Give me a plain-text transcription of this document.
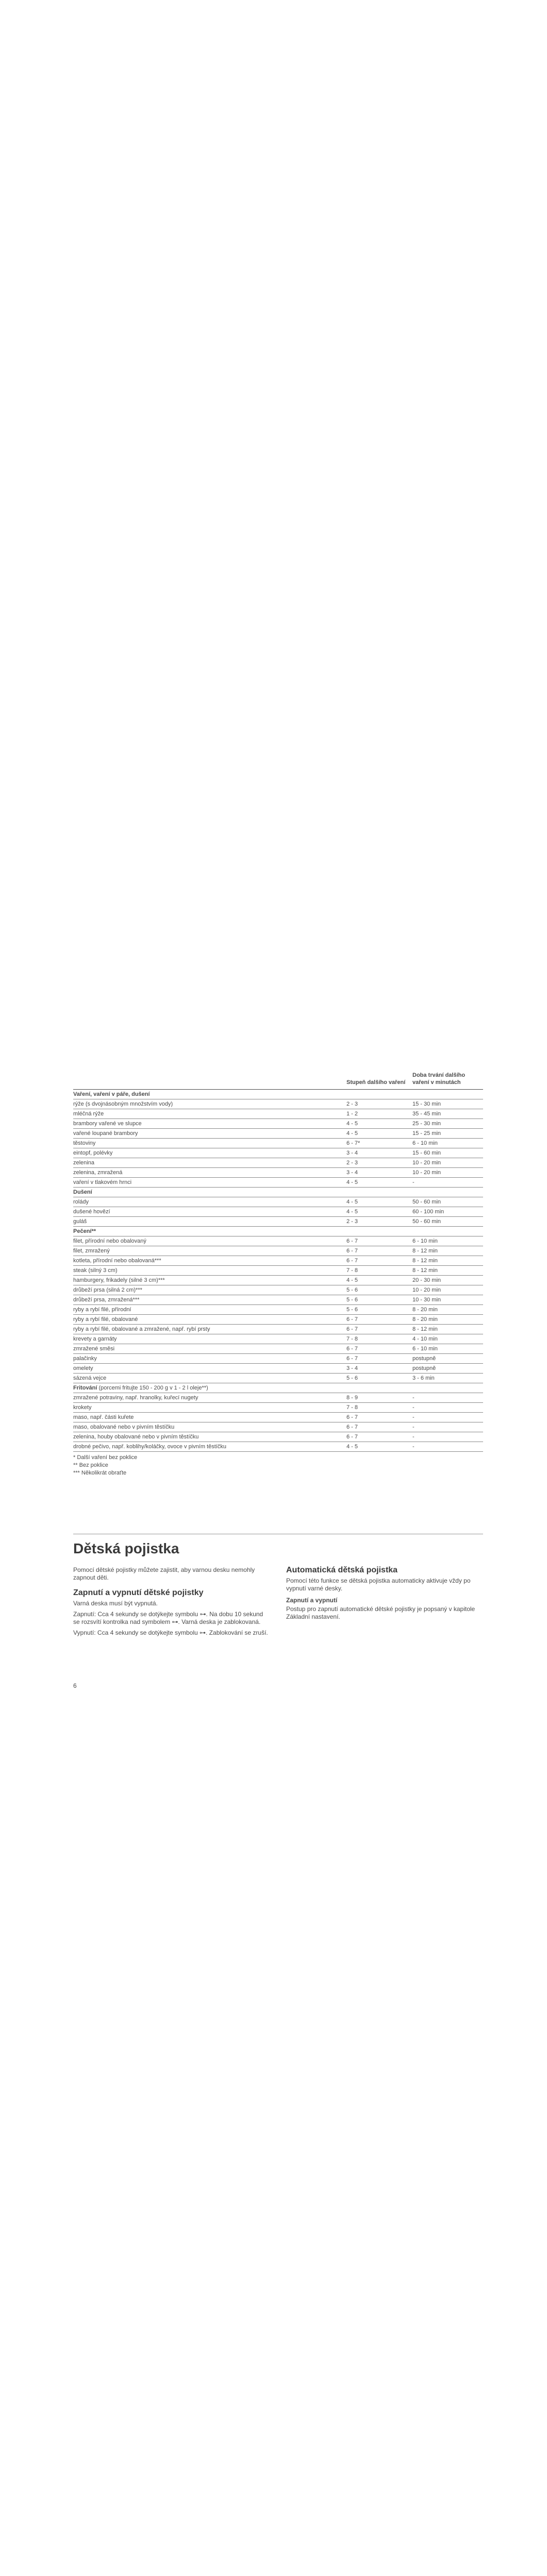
	Stupeň dalšího vaření	Doba trvání dalšího vaření v minutách
Vaření, vaření v páře, dušení		
rýže (s dvojnásobným množstvím vody)	2 - 3	15 - 30 min
mléčná rýže	1 - 2	35 - 45 min
brambory vařené ve slupce	4 - 5	25 - 30 min
vařené loupané brambory	4 - 5	15 - 25 min
těstoviny	6 - 7*	6 - 10 min
eintopf, polévky	3 - 4	15 - 60 min
zelenina	2 - 3	10 - 20 min
zelenina, zmražená	3 - 4	10 - 20 min
vaření v tlakovém hrnci	4 - 5	-
Dušení		
rolády	4 - 5	50 - 60 min
dušené hovězí	4 - 5	60 - 100 min
guláš	2 - 3	50 - 60 min
Pečení**		
filet, přírodní nebo obalovaný	6 - 7	6 - 10 min
filet, zmražený	6 - 7	8 - 12 min
kotleta, přírodní nebo obalovaná***	6 - 7	8 - 12 min
steak (silný 3 cm)	7 - 8	8 - 12 min
hamburgery, frikadely (silné 3 cm)***	4 - 5	20 - 30 min
drůbeží prsa (silná 2 cm)***	5 - 6	10 - 20 min
drůbeží prsa, zmražená***	5 - 6	10 - 30 min
ryby a rybí filé, přírodní	5 - 6	8 - 20 min
ryby a rybí filé, obalované	6 - 7	8 - 20 min
ryby a rybí filé, obalované a zmražené, např. rybí prsty	6 - 7	8 - 12 min
krevety a garnáty	7 - 8	4 - 10 min
zmražené směsi	6 - 7	6 - 10 min
palačinky	6 - 7	postupně
omelety	3 - 4	postupně
sázená vejce	5 - 6	3 - 6 min
Fritování (porcemi fritujte 150 - 200 g v 1 - 2 l oleje**)		
zmražené potraviny, např. hranolky, kuřecí nugety	8 - 9	-
krokety	7 - 8	-
maso, např. části kuřete	6 - 7	-
maso, obalované nebo v pivním těstíčku	6 - 7	-
zelenina, houby obalované nebo v pivním těstíčku	6 - 7	-
drobné pečivo, např. koblihy/koláčky, ovoce v pivním těstíčku	4 - 5	-
* Další vaření bez poklice
** Bez poklice
*** Několikrát obraťte
Dětská pojistka

Pomocí dětské pojistky můžete zajistit, aby varnou desku nemohly zapnout děti.

Zapnutí a vypnutí dětské pojistky

Varná deska musí být vypnutá.

Zapnutí: Cca 4 sekundy se dotýkejte symbolu ⊶. Na dobu 10 sekund se rozsvítí kontrolka nad symbolem ⊶. Varná deska je zablokovaná.

Vypnutí: Cca 4 sekundy se dotýkejte symbolu ⊶. Zablokování se zruší.

Automatická dětská pojistka

Pomocí této funkce se dětská pojistka automaticky aktivuje vždy po vypnutí varné desky.

Zapnutí a vypnutí

Postup pro zapnutí automatické dětské pojistky je popsaný v kapitole Základní nastavení.

6
